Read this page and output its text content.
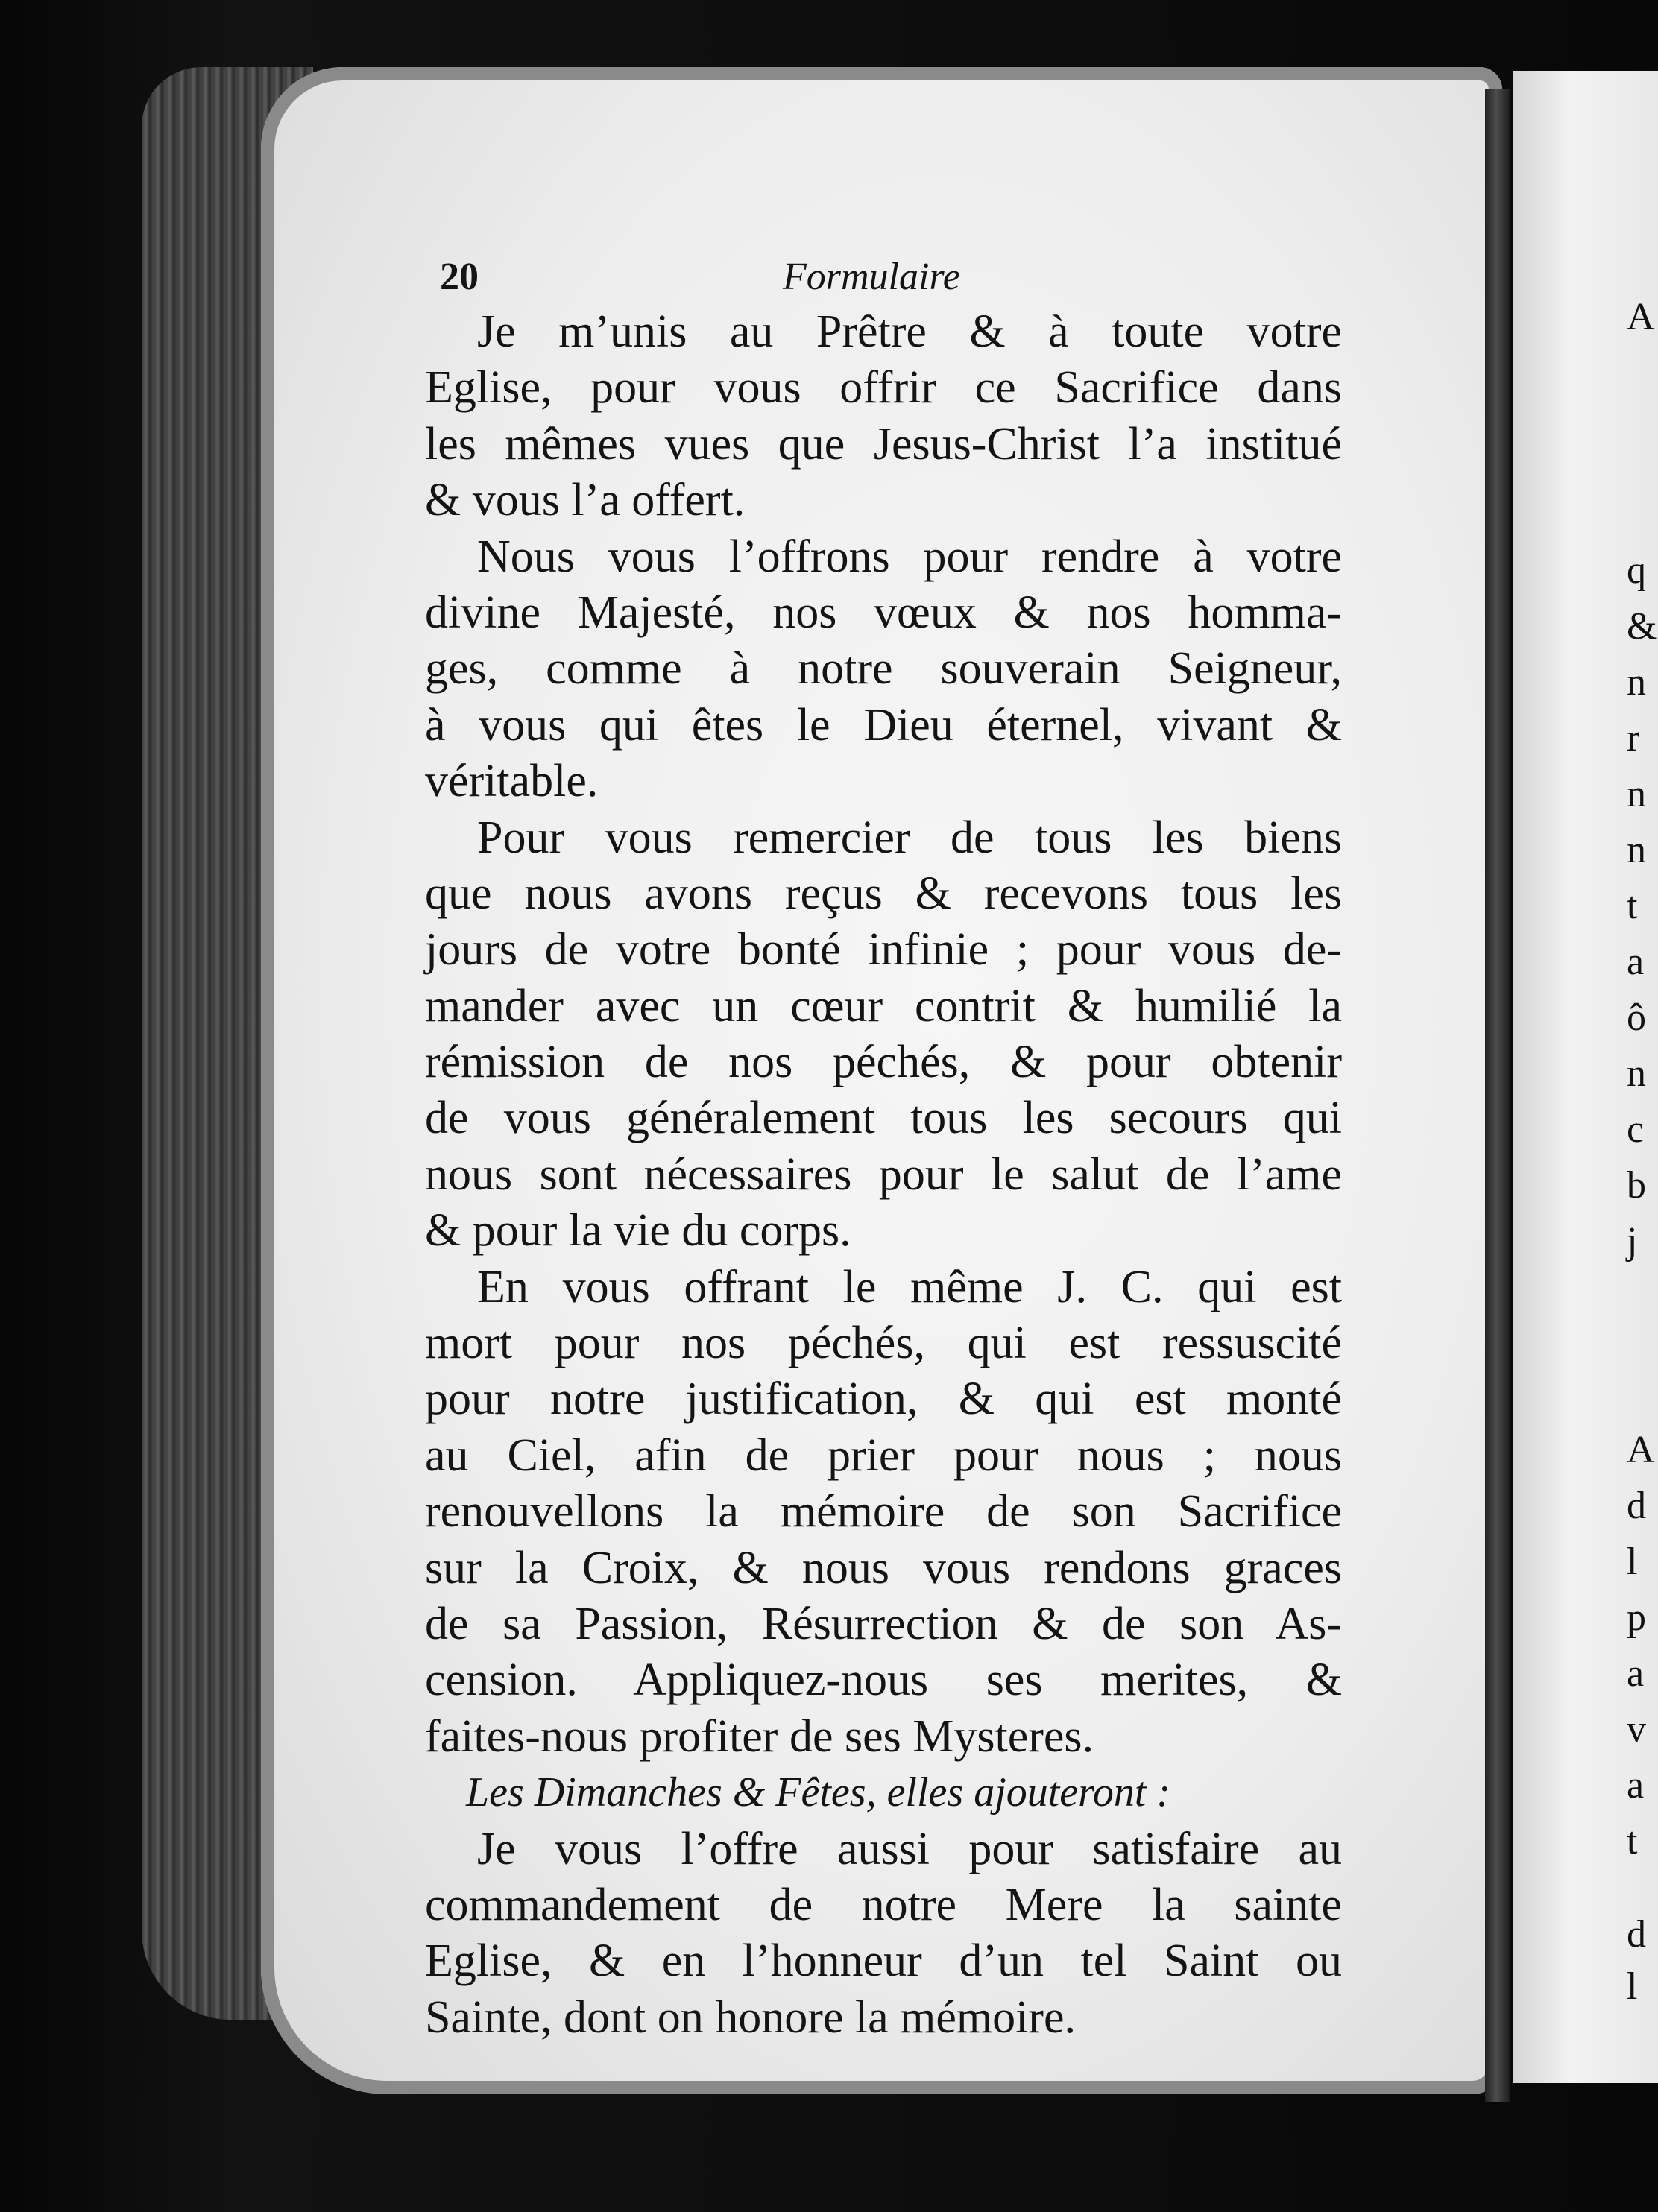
A
q
&
n
r
n
n
t
a
ô
n
c
b
j
A
d
l
p
a
v
a
t
d
l
20	Formulaire
Je m’unis au Prêtre & à toute votre
Eglise, pour vous offrir ce Sacrifice dans
les mêmes vues que Jesus-Christ l’a institué
& vous l’a offert.
Nous vous l’offrons pour rendre à votre
divine Majesté, nos vœux & nos homma-
ges, comme à notre souverain Seigneur,
à vous qui êtes le Dieu éternel, vivant &
véritable.
Pour vous remercier de tous les biens
que nous avons reçus & recevons tous les
jours de votre bonté infinie ; pour vous de-
mander avec un cœur contrit & humilié la
rémission de nos péchés, & pour obtenir
de vous généralement tous les secours qui
nous sont nécessaires pour le salut de l’ame
& pour la vie du corps.
En vous offrant le même J. C. qui est
mort pour nos péchés, qui est ressuscité
pour notre justification, & qui est monté
au Ciel, afin de prier pour nous ; nous
renouvellons la mémoire de son Sacrifice
sur la Croix, & nous vous rendons graces
de sa Passion, Résurrection & de son As-
cension. Appliquez-nous ses merites, &
faites-nous profiter de ses Mysteres.
Les Dimanches & Fêtes, elles ajouteront :
Je vous l’offre aussi pour satisfaire au
commandement de notre Mere la sainte
Eglise, & en l’honneur d’un tel Saint ou
Sainte, dont on honore la mémoire.
